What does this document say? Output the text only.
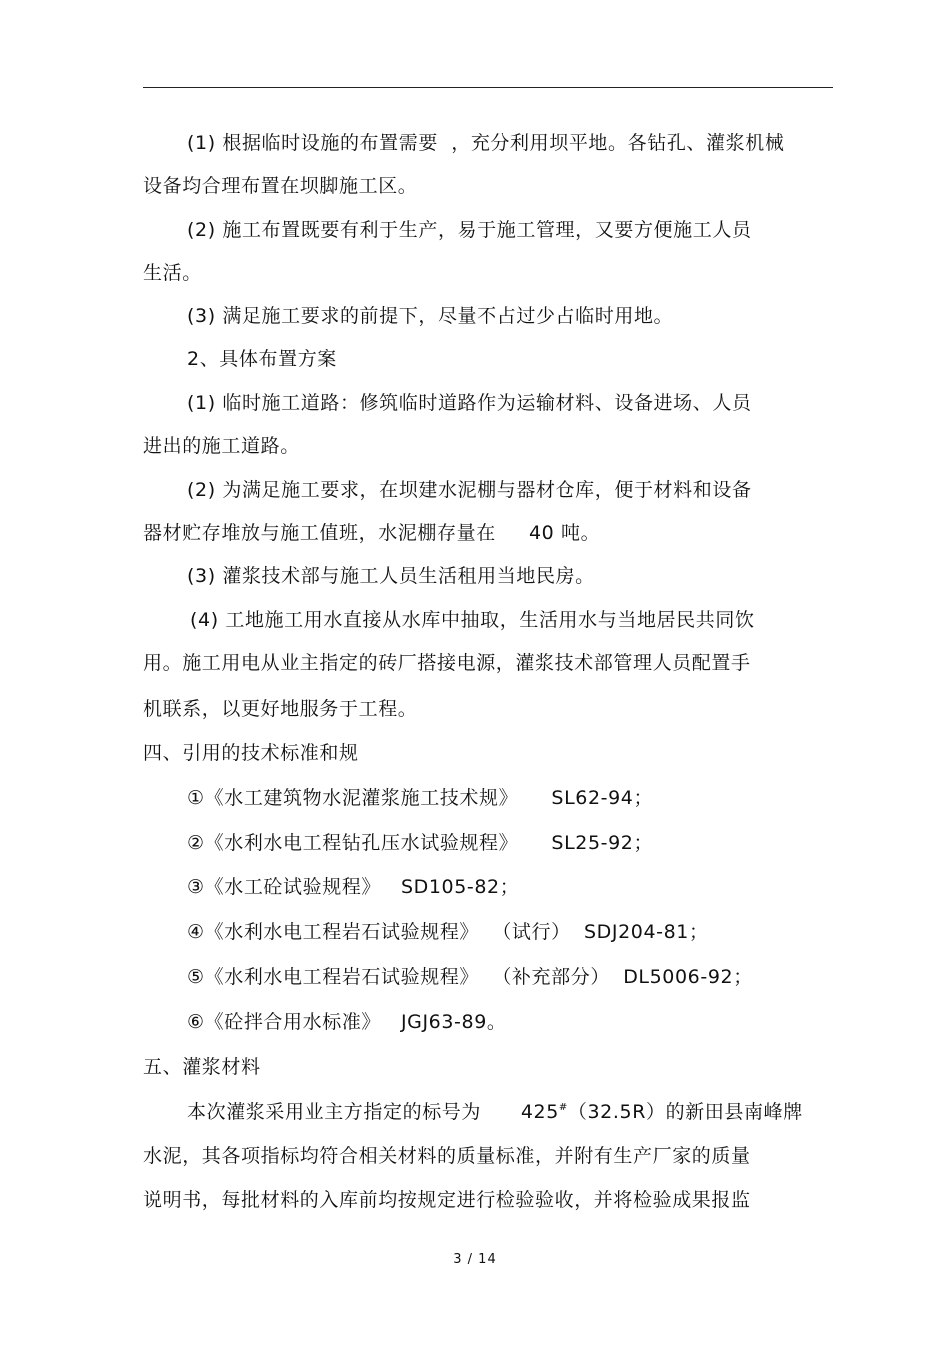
(1) 根据临时设施的布置需要  ，充分利用坝平地。各钻孔、灌浆机械
设备均合理布置在坝脚施工区。
(2) 施工布置既要有利于生产，易于施工管理，又要方便施工人员
生活。
(3) 满足施工要求的前提下，尽量不占过少占临时用地。
2、具体布置方案
(1) 临时施工道路：修筑临时道路作为运输材料、设备进场、人员
进出的施工道路。
(2) 为满足施工要求，在坝建水泥棚与器材仓库，便于材料和设备
器材贮存堆放与施工值班，水泥棚存量在     40 吨。
(3) 灌浆技术部与施工人员生活租用当地民房。
(4) 工地施工用水直接从水库中抽取，生活用水与当地居民共同饮
用。施工用电从业主指定的砖厂搭接电源，灌浆技术部管理人员配置手
机联系，以更好地服务于工程。
四、引用的技术标准和规
①《水工建筑物水泥灌浆施工技术规》     SL62-94；
②《水利水电工程钻孔压水试验规程》     SL25-92；
③《水工砼试验规程》   SD105-82；
④《水利水电工程岩石试验规程》  （试行）  SDJ204-81；
⑤《水利水电工程岩石试验规程》  （补充部分）  DL5006-92；
⑥《砼拌合用水标准》   JGJ63-89。
五、灌浆材料
本次灌浆采用业主方指定的标号为      425#（32.5R）的新田县南峰牌
水泥，其各项指标均符合相关材料的质量标准，并附有生产厂家的质量
说明书，每批材料的入库前均按规定进行检验验收，并将检验成果报监
3 / 14
